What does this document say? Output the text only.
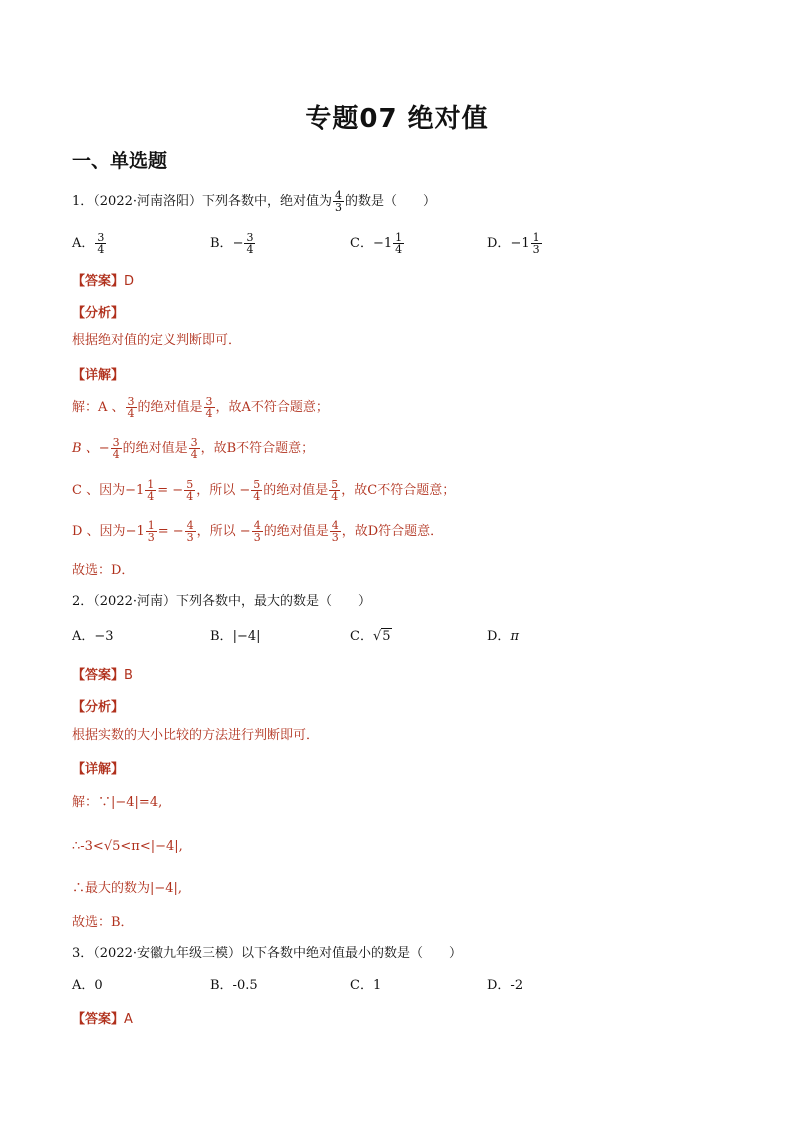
专题07 绝对值
一、单选题
1．（2022·河南洛阳）下列各数中，绝对值为 $\frac{4}{3}$ 的数是（　　）
A． $\frac{3}{4}$	B．− $\frac{3}{4}$	C．$-1 \frac{1}{4}$	D．$-1 \frac{1}{3}$
【答案】D
【分析】
根据绝对值的定义判断即可．
【详解】
解：A 、 $\frac{3}{4}$ 的绝对值是 $\frac{3}{4}$ ，故A不符合题意；
B 、− $\frac{3}{4}$ 的绝对值是 $\frac{3}{4}$ ，故B不符合题意；
C 、因为$-1 \frac{1}{4}$ = − $\frac{5}{4}$ ，所以 − $\frac{5}{4}$ 的绝对值是 $\frac{5}{4}$ ，故C不符合题意；
D 、因为$-1 \frac{1}{3}$ = − $\frac{4}{3}$ ，所以 − $\frac{4}{3}$ 的绝对值是 $\frac{4}{3}$ ，故D符合题意．
故选：D．
2．（2022·河南）下列各数中，最大的数是（　　）
A．−3	B．|−4|	C．√5	D．π
【答案】B
【分析】
根据实数的大小比较的方法进行判断即可．
【详解】
解：∵|−4|=4,
∴-3<√5<π<|−4|,
∴最大的数为|−4|,
故选：B．
3．（2022·安徽九年级三模）以下各数中绝对值最小的数是（　　）
A．0	B．-0.5	C．1	D．-2
【答案】A
